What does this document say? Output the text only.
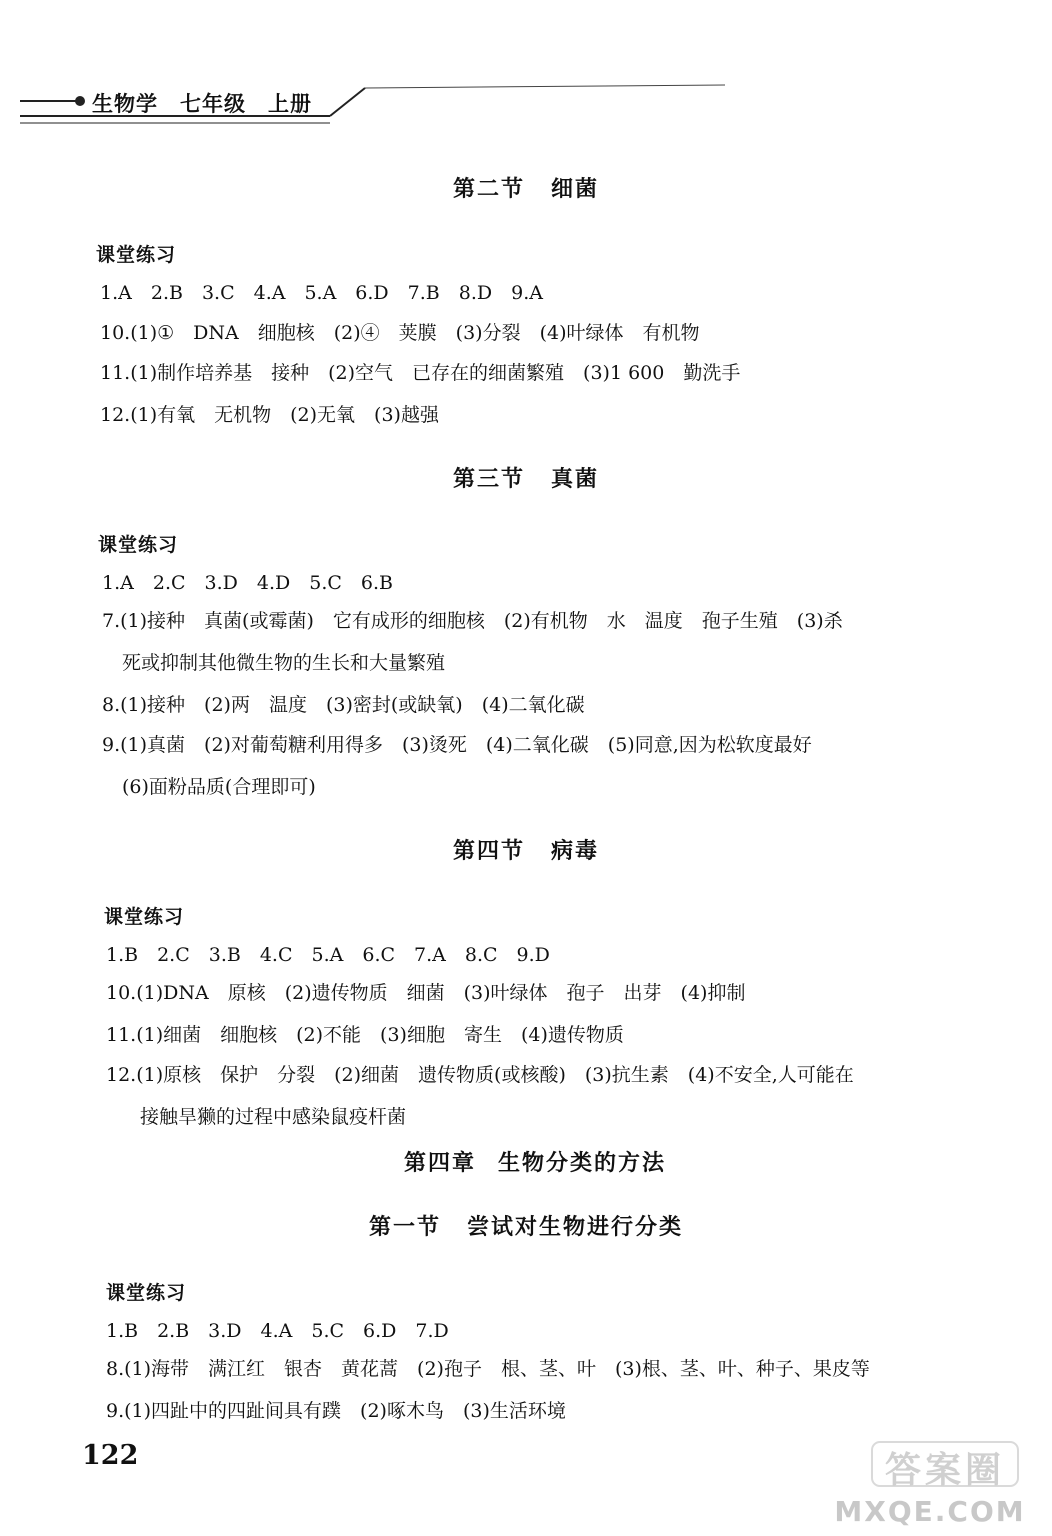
生物学　七年级　上册
第二节 细菌
课堂练习
1.A　2.B　3.C　4.A　5.A　6.D　7.B　8.D　9.A
10.(1)①　DNA　细胞核　(2)④　荚膜　(3)分裂　(4)叶绿体　有机物
11.(1)制作培养基　接种　(2)空气　已存在的细菌繁殖　(3)1 600　勤洗手
12.(1)有氧　无机物　(2)无氧　(3)越强
第三节 真菌
课堂练习
1.A　2.C　3.D　4.D　5.C　6.B
7.(1)接种　真菌(或霉菌)　它有成形的细胞核　(2)有机物　水　温度　孢子生殖　(3)杀
死或抑制其他微生物的生长和大量繁殖
8.(1)接种　(2)两　温度　(3)密封(或缺氧)　(4)二氧化碳
9.(1)真菌　(2)对葡萄糖利用得多　(3)烫死　(4)二氧化碳　(5)同意,因为松软度最好
(6)面粉品质(合理即可)
第四节 病毒
课堂练习
1.B　2.C　3.B　4.C　5.A　6.C　7.A　8.C　9.D
10.(1)DNA　原核　(2)遗传物质　细菌　(3)叶绿体　孢子　出芽　(4)抑制
11.(1)细菌　细胞核　(2)不能　(3)细胞　寄生　(4)遗传物质
12.(1)原核　保护　分裂　(2)细菌　遗传物质(或核酸)　(3)抗生素　(4)不安全,人可能在
接触旱獭的过程中感染鼠疫杆菌
第四章 生物分类的方法
第一节 尝试对生物进行分类
课堂练习
1.B　2.B　3.D　4.A　5.C　6.D　7.D
8.(1)海带　满江红　银杏　黄花蒿　(2)孢子　根、茎、叶　(3)根、茎、叶、种子、果皮等
9.(1)四趾中的四趾间具有蹼　(2)啄木鸟　(3)生活环境
122	答案圈
MXQE.COM
